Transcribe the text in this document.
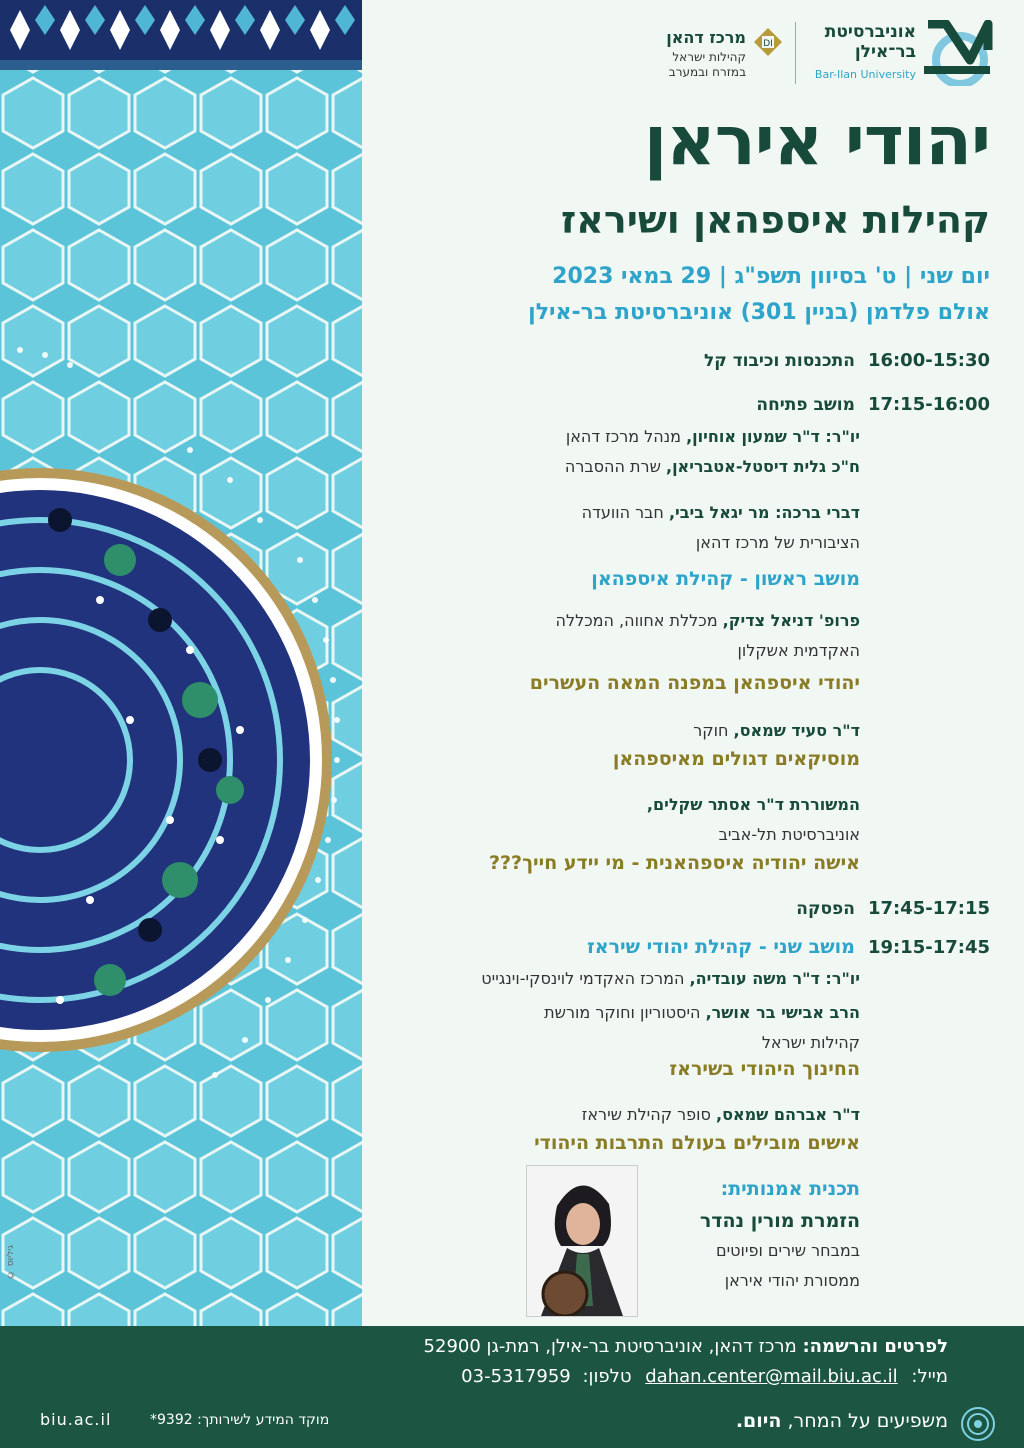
© גיליוס
אוניברסיטת
בר־אילן
Bar-Ilan University
DI
מרכז דהאן
קהילות ישראל
במזרח ובמערב
יהודי איראן
קהילות איספהאן ושיראז
יום שני | ט' בסיוון תשפ"ג | 29 במאי 2023
אולם פלדמן (בניין 301) אוניברסיטת בר-אילן
16:00-15:30 התכנסות וכיבוד קל
17:15-16:00 מושב פתיחה
יו"ר: ד"ר שמעון אוחיון, מנהל מרכז דהאן
ח"כ גלית דיסטל-אטבריאן, שרת ההסברה
דברי ברכה: מר יגאל ביבי, חבר הוועדה
הציבורית של מרכז דהאן
מושב ראשון - קהילת איספהאן
פרופ' דניאל צדיק, מכללת אחווה, המכללה
האקדמית אשקלון
יהודי איספהאן במפנה המאה העשרים
ד"ר סעיד שמאס, חוקר
מוסיקאים דגולים מאיספהאן
המשוררת ד"ר אסתר שקלים,
אוניברסיטת תל-אביב
אישה יהודיה איספהאנית - מי יידע חייך???
17:45-17:15 הפסקה
19:15-17:45 מושב שני - קהילת יהודי שיראז
יו"ר: ד"ר משה עובדיה, המרכז האקדמי לוינסקי-וינגייט
הרב אבישי בר אושר, היסטוריון וחוקר מורשת
קהילות ישראל
החינוך היהודי בשיראז
ד"ר אברהם שמאס, סופר קהילת שיראז
אישים מובילים בעולם התרבות היהודי
תכנית אמנותית:
הזמרת מורין נהדר
במבחר שירים ופיוטים
ממסורת יהודי איראן
לפרטים והרשמה: מרכז דהאן, אוניברסיטת בר-אילן, רמת-גן 52900
מייל: dahan.center@mail.biu.ac.il טלפון: 03-5317959
משפיעים על המחר, היום.
מוקד המידע לשירותך: 9392*
biu.ac.il
